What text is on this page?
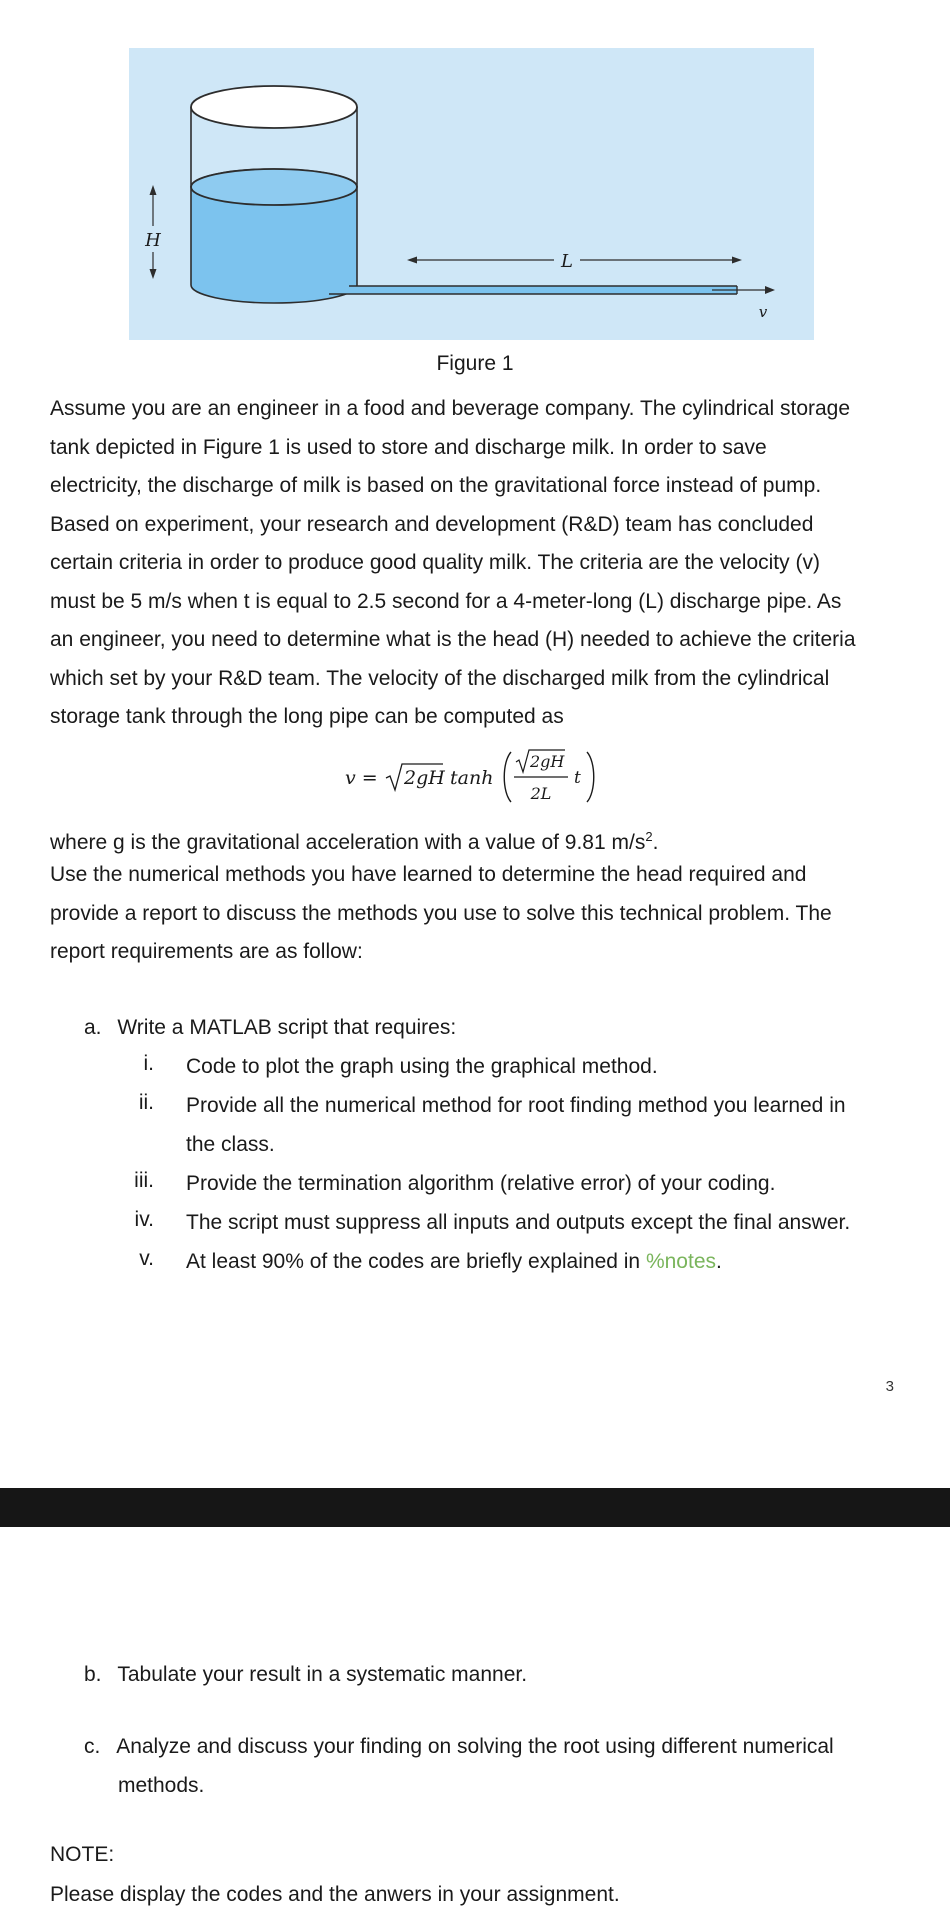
H
L
v
Figure 1
Assume you are an engineer in a food and beverage company. The cylindrical storage
tank depicted in Figure 1 is used to store and discharge milk. In order to save
electricity, the discharge of milk is based on the gravitational force instead of pump.
Based on experiment, your research and development (R&D) team has concluded
certain criteria in order to produce good quality milk. The criteria are the velocity (v)
must be 5 m/s when t is equal to 2.5 second for a 4-meter-long (L) discharge pipe. As
an engineer, you need to determine what is the head (H) needed to achieve the criteria
which set by your R&D team. The velocity of the discharged milk from the cylindrical
storage tank through the long pipe can be computed as
v = 2gH tanh
2gH
2L
t
where g is the gravitational acceleration with a value of 9.81 $m/s^2$.
Use the numerical methods you have learned to determine the head required and
provide a report to discuss the methods you use to solve this technical problem. The
report requirements are as follow:
a. Write a MATLAB script that requires:
i. Code to plot the graph using the graphical method.
ii. Provide all the numerical method for root finding method you learned in
the class.
iii. Provide the termination algorithm (relative error) of your coding.
iv. The script must suppress all inputs and outputs except the final answer.
v. At least 90% of the codes are briefly explained in %notes.
3
b. Tabulate your result in a systematic manner.
c. Analyze and discuss your finding on solving the root using different numerical
methods.
NOTE:
Please display the codes and the anwers in your assignment.
